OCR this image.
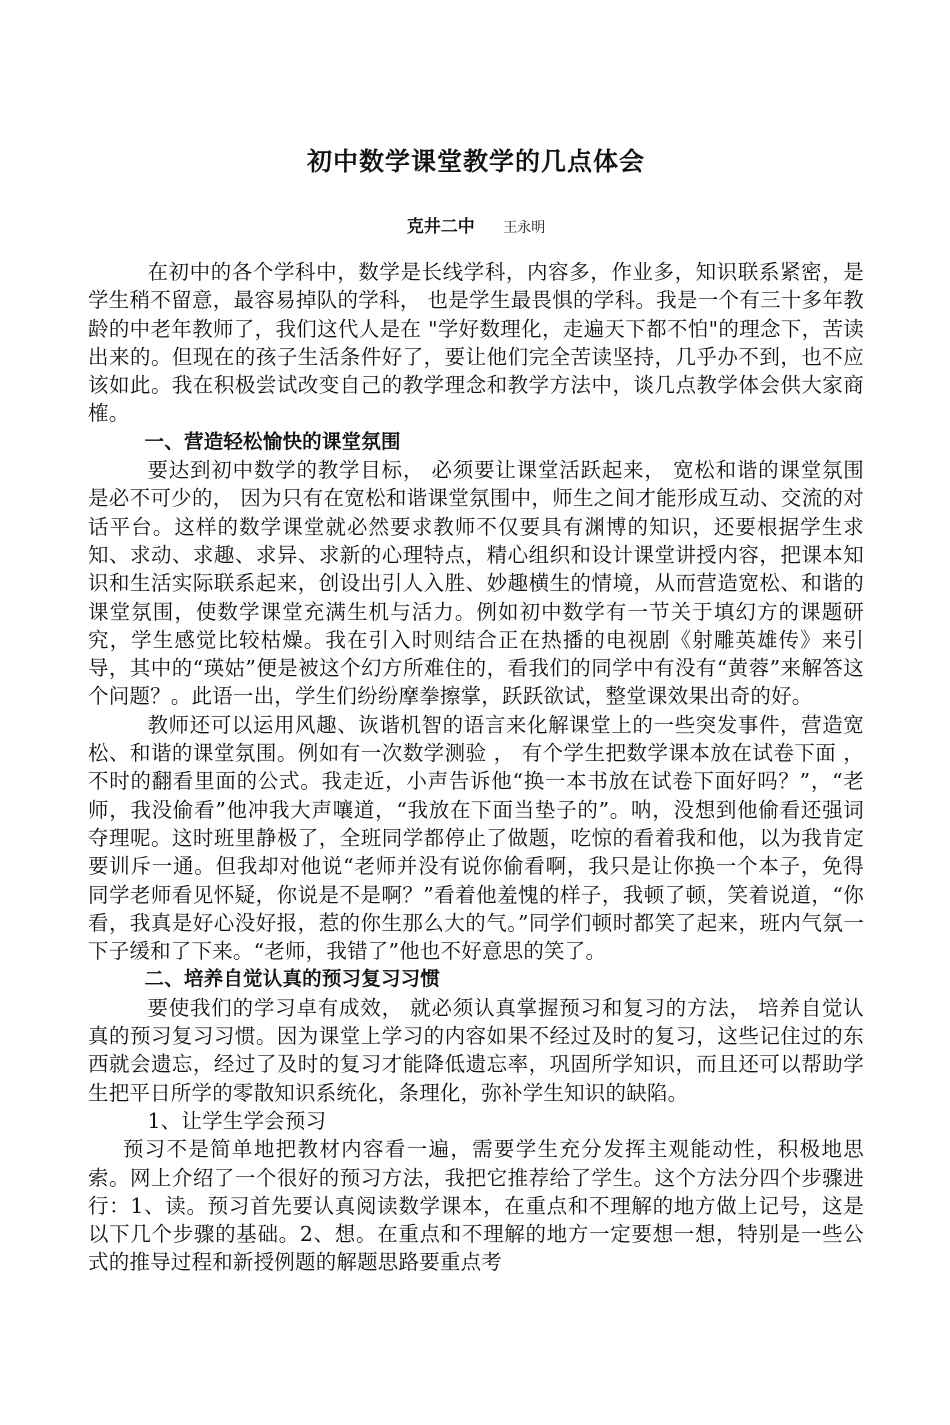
初中数学课堂教学的几点体会
克井二中 王永明

在初中的各个学科中，数学是长线学科，内容多，作业多，知识联系紧密，是学生稍不留意，最容易掉队的学科， 也是学生最畏惧的学科。我是一个有三十多年教龄的中老年教师了，我们这代人是在 "学好数理化，走遍天下都不怕"的理念下，苦读出来的。但现在的孩子生活条件好了，要让他们完全苦读坚持，几乎办不到，也不应该如此。我在积极尝试改变自己的教学理念和教学方法中，谈几点教学体会供大家商榷。

一、营造轻松愉快的课堂氛围

要达到初中数学的教学目标， 必须要让课堂活跃起来， 宽松和谐的课堂氛围是必不可少的， 因为只有在宽松和谐课堂氛围中，师生之间才能形成互动、交流的对话平台。这样的数学课堂就必然要求教师不仅要具有渊博的知识，还要根据学生求知、求动、求趣、求异、求新的心理特点，精心组织和设计课堂讲授内容，把课本知识和生活实际联系起来，创设出引人入胜、妙趣横生的情境，从而营造宽松、和谐的课堂氛围，使数学课堂充满生机与活力。例如初中数学有一节关于填幻方的课题研究，学生感觉比较枯燥。我在引入时则结合正在热播的电视剧《射雕英雄传》来引导，其中的“瑛姑”便是被这个幻方所难住的，看我们的同学中有没有“黄蓉”来解答这个问题？。此语一出，学生们纷纷摩拳擦掌，跃跃欲试，整堂课效果出奇的好。

教师还可以运用风趣、诙谐机智的语言来化解课堂上的一些突发事件，营造宽松、和谐的课堂氛围。例如有一次数学测验 ， 有个学生把数学课本放在试卷下面 ， 不时的翻看里面的公式。我走近，小声告诉他“换一本书放在试卷下面好吗？”，“老师，我没偷看”他冲我大声嚷道，“我放在下面当垫子的”。呐，没想到他偷看还强词夺理呢。这时班里静极了，全班同学都停止了做题，吃惊的看着我和他，以为我肯定要训斥一通。但我却对他说“老师并没有说你偷看啊，我只是让你换一个本子，免得同学老师看见怀疑，你说是不是啊？”看着他羞愧的样子，我顿了顿，笑着说道，“你看，我真是好心没好报，惹的你生那么大的气。”同学们顿时都笑了起来，班内气氛一下子缓和了下来。“老师，我错了”他也不好意思的笑了。

二、培养自觉认真的预习复习习惯

要使我们的学习卓有成效， 就必须认真掌握预习和复习的方法， 培养自觉认真的预习复习习惯。因为课堂上学习的内容如果不经过及时的复习，这些记住过的东西就会遗忘，经过了及时的复习才能降低遗忘率，巩固所学知识，而且还可以帮助学生把平日所学的零散知识系统化，条理化，弥补学生知识的缺陷。

1、让学生学会预习

预习不是简单地把教材内容看一遍，需要学生充分发挥主观能动性，积极地思索。网上介绍了一个很好的预习方法，我把它推荐给了学生。这个方法分四个步骤进行：1、读。预习首先要认真阅读数学课本，在重点和不理解的地方做上记号，这是以下几个步骤的基础。2、想。在重点和不理解的地方一定要想一想，特别是一些公式的推导过程和新授例题的解题思路要重点考
